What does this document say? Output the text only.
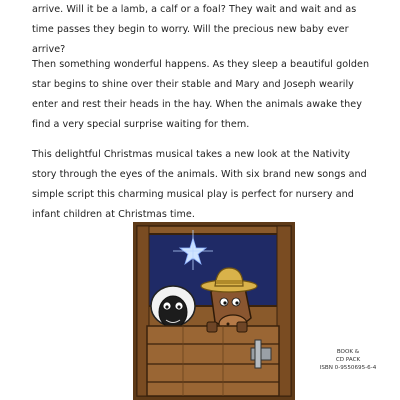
arrive. Will it be a lamb, a calf or a foal? They wait and wait and as time passes they begin to worry. Will the precious new baby ever arrive?

Then something wonderful happens. As they sleep a beautiful golden star begins to shine over their stable and Mary and Joseph wearily enter and rest their heads in the hay. When the animals awake they find a very special surprise waiting for them.

This delightful Christmas musical takes a new look at the Nativity story through the eyes of the animals. With six brand new songs and simple script this charming musical play is perfect for nursery and infant children at Christmas time.

BOOK &
CD PACK
ISBN 0-9550695-6-4
